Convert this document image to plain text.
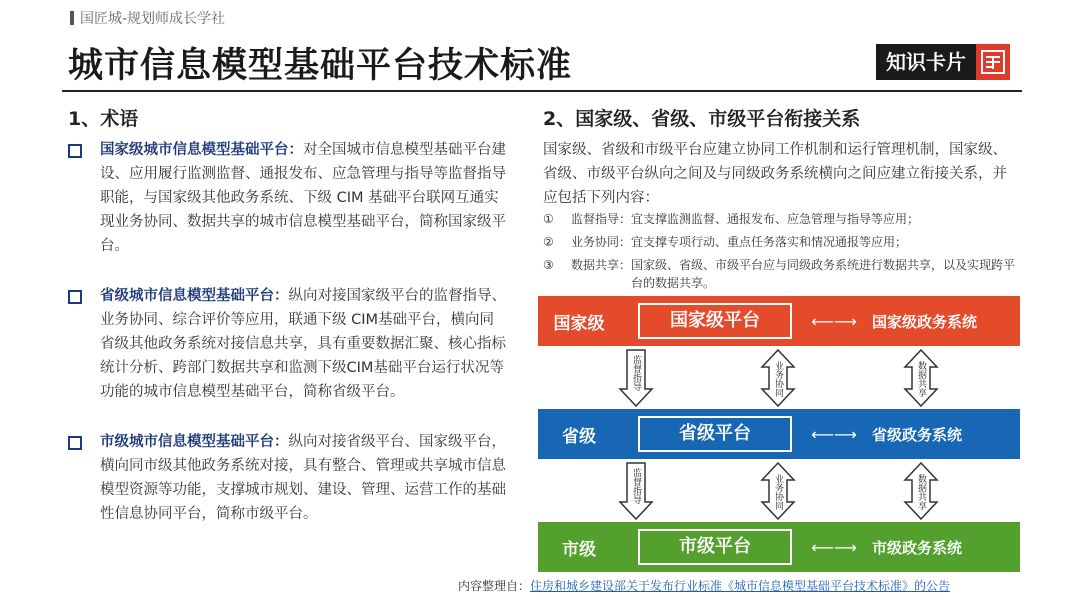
国匠城-规划师成长学社
城市信息模型基础平台技术标准	知识卡片
1、术语

国家级城市信息模型基础平台：对全国城市信息模型基础平台建设、应用履行监测监督、通报发布、应急管理与指导等监督指导职能，与国家级其他政务系统、下级 CIM 基础平台联网互通实现业务协同、数据共享的城市信息模型基础平台，简称国家级平台。

省级城市信息模型基础平台：纵向对接国家级平台的监督指导、业务协同、综合评价等应用，联通下级 CIM基础平台，横向同省级其他政务系统对接信息共享，具有重要数据汇聚、核心指标统计分析、跨部门数据共享和监测下级CIM基础平台运行状况等功能的城市信息模型基础平台，简称省级平台。

市级城市信息模型基础平台：纵向对接省级平台、国家级平台，横向同市级其他政务系统对接，具有整合、管理或共享城市信息模型资源等功能，支撑城市规划、建设、管理、运营工作的基础性信息协同平台，简称市级平台。

2、国家级、省级、市级平台衔接关系

国家级、省级和市级平台应建立协同工作机制和运行管理机制，国家级、省级、市级平台纵向之间及与同级政务系统横向之间应建立衔接关系，并应包括下列内容：

①	监督指导： 宜支撑监测监督、通报发布、应急管理与指导等应用；
②	业务协同： 宜支撑专项行动、重点任务落实和情况通报等应用；
③	数据共享： 国家级、省级、市级平台应与同级政务系统进行数据共享，以及实现跨平台的数据共享。
国家级	国家级平台	⟵⟶	国家级政务系统
省级	省级平台	⟵⟶	省级政务系统
市级	市级平台	⟵⟶	市级政务系统
监督指导	业务协同	数据共享
监督指导	业务协同	数据共享
内容整理自：住房和城乡建设部关于发布行业标准《城市信息模型基础平台技术标准》的公告
